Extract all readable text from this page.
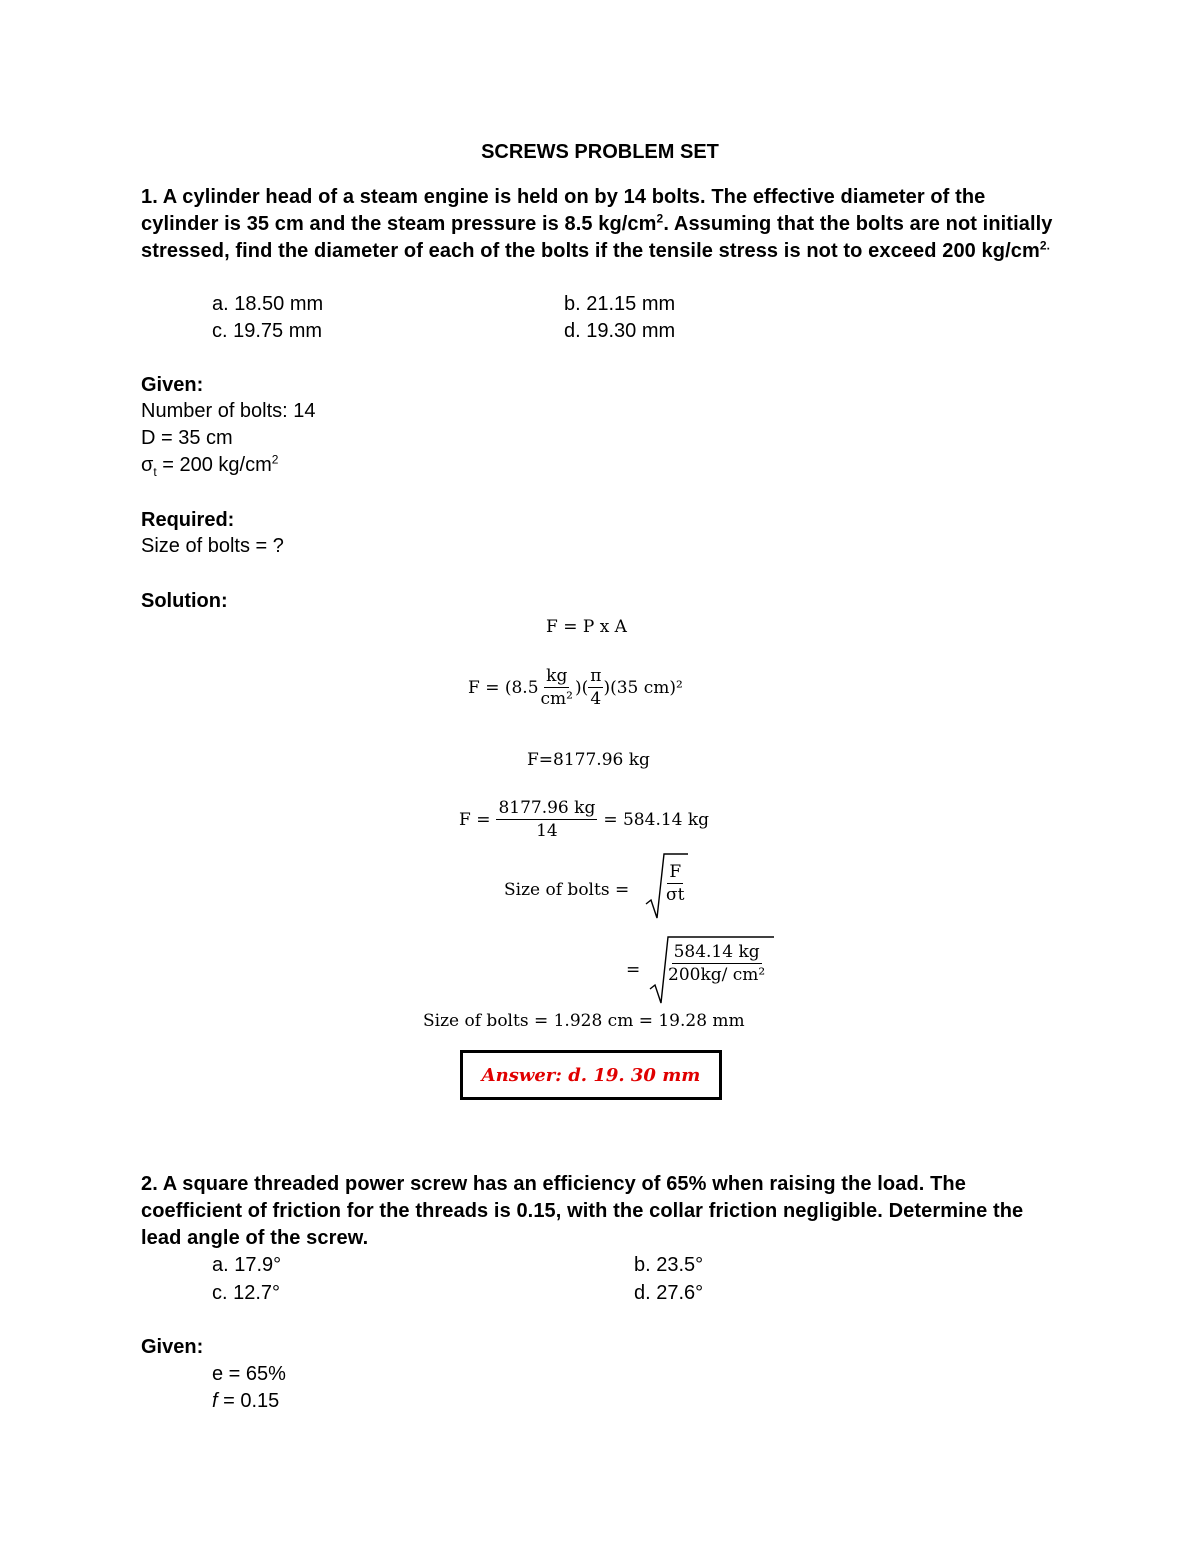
SCREWS PROBLEM SET
1. A cylinder head of a steam engine is held on by 14 bolts. The effective diameter of the cylinder is 35 cm and the steam pressure is 8.5 $kg/cm^2$. Assuming that the bolts are not initially stressed, find the diameter of each of the bolts if the tensile stress is not to exceed 200 $kg/cm^{2.}$
a. 18.50 mm	b. 21.15 mm
c. 19.75 mm	d. 19.30 mm
Given:
Number of bolts: 14
D = 35 cm
$\sigma_t = 200$ $kg/cm^2$
Required:
Size of bolts = ?
Solution:
F = P x A
$F = (8.5 \frac{kg}{\text{cm²}}$ )( $\frac{\pi}{4} )(35$ cm)²
F=8177.96 kg
$F = \frac{8177.96 kg}{14} = 584.14$ kg
Size of bolts = $\frac{F}{\sigma t}$
= $\frac{584.14 kg}{\text{200kg/ cm²}}$
Size of bolts = 1.928 cm = 19.28 mm
Answer: d. 19. 30 mm
2. A square threaded power screw has an efficiency of 65% when raising the load. The coefficient of friction for the threads is 0.15, with the collar friction negligible. Determine the lead angle of the screw.
a. 17.9°	b. 23.5°
c. 12.7°	d. 27.6°
Given:
e = 65%
f = 0.15
